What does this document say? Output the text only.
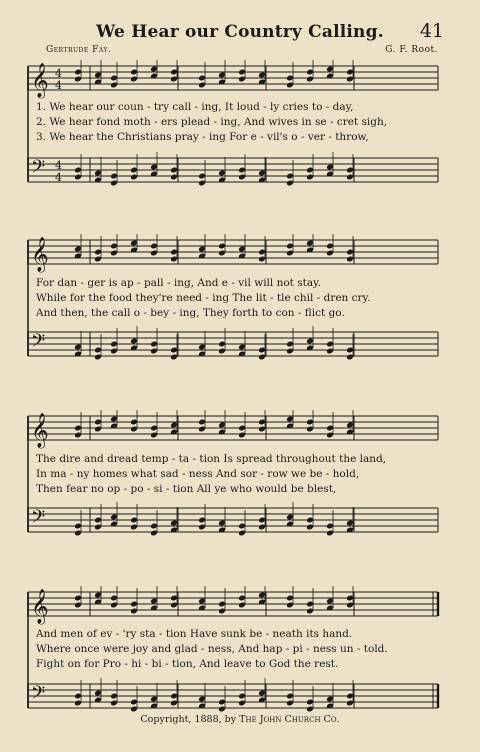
We Hear our Country Calling.	41
Gertrude Fay.	G. F. Root.
𝄞 4
4
𝄢 4
4
1. We hear our coun - try call - ing, It loud - ly cries to - day,
2. We hear fond moth - ers plead - ing, And wives in se - cret sigh,
3. We hear the Christians pray - ing For e - vil's o - ver - throw,
𝄞
𝄢
For dan - ger is ap - pall - ing, And e - vil will not stay.
While for the food they're need - ing The lit - tle chil - dren cry.
And then, the call o - bey - ing, They forth to con - flict go.
𝄞
𝄢
The dire and dread temp - ta - tion Is spread throughout the land,
In ma - ny homes what sad - ness And sor - row we be - hold,
Then fear no op - po - si - tion All ye who would be blest,
𝄞
𝄢
And men of ev - 'ry sta - tion Have sunk be - neath its hand.
Where once were joy and glad - ness, And hap - pi - ness un - told.
Fight on for Pro - hi - bi - tion, And leave to God the rest.
Copyright, 1888, by The John Church Co.
